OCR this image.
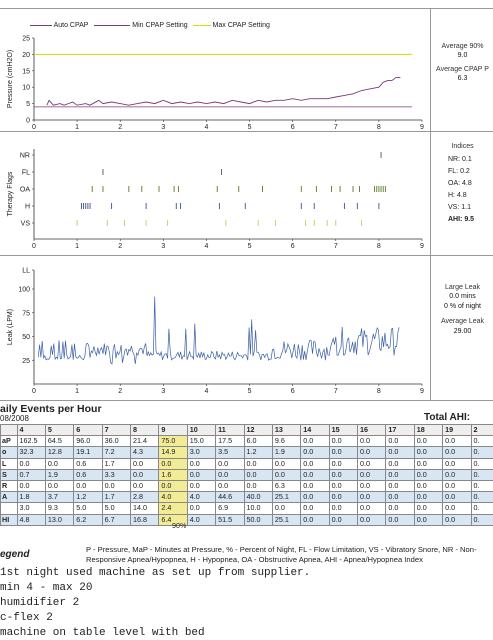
Auto CPAP	Min CPAP Setting	Max CPAP Setting
0
5
10
15
20
25
0	1	2	3	4	5	6	7	8	9
Pressure (cmH2O)
NR
FL
OA
H
VS
0	1	2	3	4	5	6	7	8	9
Therapy Flags
LL
100
75
50
25
0	1	2	3	4	5	6	7	8	9
Leak (LPM)
Average 90%
9.0
Average CPAP P
6.3
Indices
NR: 0.1
FL: 0.2
OA: 4.8
H: 4.8
VS: 1.1
AHI: 9.5
Large Leak
0.0 mins
0 % of night
Average Leak
29.00
aily Events per Hour
08/2008	Total AHI:
	4	5	6	7	8	9	10	11	12	13	14	15	16	17	18	19	2
aP	162.5	64.5	96.0	36.0	21.4	75.0	15.0	17.5	6.0	9.6	0.0	0.0	0.0	0.0	0.0	0.0	0.
o	32.3	12.8	19.1	7.2	4.3	14.9	3.0	3.5	1.2	1.9	0.0	0.0	0.0	0.0	0.0	0.0	0.
L	0.0	0.0	0.6	1.7	0.0	0.0	0.0	0.0	0.0	0.0	0.0	0.0	0.0	0.0	0.0	0.0	0.
S	0.7	1.9	0.6	3.3	0.0	1.6	0.0	0.0	0.0	0.0	0.0	0.0	0.0	0.0	0.0	0.0	0.
R	0.0	0.0	0.0	0.0	0.0	0.0	0.0	0.0	0.0	6.3	0.0	0.0	0.0	0.0	0.0	0.0	0.
A	1.8	3.7	1.2	1.7	2.8	4.0	4.0	44.6	40.0	25.1	0.0	0.0	0.0	0.0	0.0	0.0	0.
	3.0	9.3	5.0	5.0	14.0	2.4	0.0	6.9	10.0	0.0	0.0	0.0	0.0	0.0	0.0	0.0	0.
HI	4.8	13.0	6.2	6.7	16.8	6.4	4.0	51.5	50.0	25.1	0.0	0.0	0.0	0.0	0.0	0.0	0.
90%
egend	P - Pressure, MaP - Minutes at Pressure, % - Percent of Night, FL - Flow Limitation, VS - Vibratory Snore, NR - Non-Responsive Apnea/Hypopnea, H - Hypopnea, OA - Obstructive Apnea, AHI - Apnea/Hypopnea Index
1st night used machine as set up from supplier.
min 4 - max 20
humidifier 2
c-flex 2
machine on table level with bed
